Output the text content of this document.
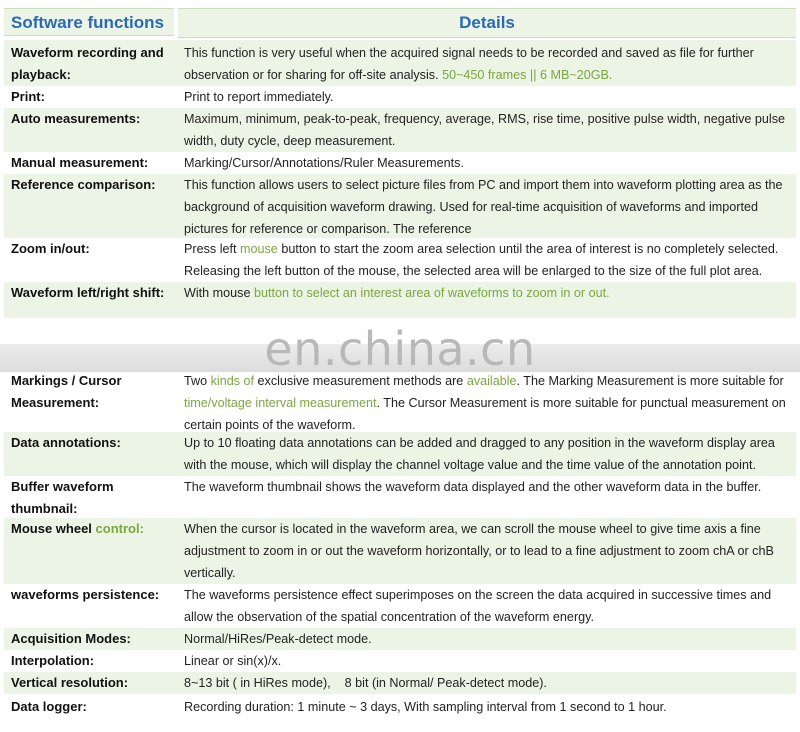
Software functions	Details
Waveform recording and playback:
This function is very useful when the acquired signal needs to be recorded and saved as file for further observation or for sharing for off-site analysis. 50~450 frames || 6 MB~20GB.
Print:	Print to report immediately.
Auto measurements:	Maximum, minimum, peak-to-peak, frequency, average, RMS, rise time, positive pulse width, negative pulse width, duty cycle, deep measurement.
Manual measurement:	Marking/Cursor/Annotations/Ruler Measurements.
Reference comparison:	This function allows users to select picture files from PC and import them into waveform plotting area as the background of acquisition waveform drawing. Used for real-time acquisition of waveforms and imported pictures for reference or comparison. The reference
Zoom in/out:	Press left mouse button to start the zoom area selection until the area of interest is no completely selected. Releasing the left button of the mouse, the selected area will be enlarged to the size of the full plot area.
Waveform left/right shift:	With mouse button to select an interest area of waveforms to zoom in or out.
en.china.cn
Markings / Cursor Measurement:
Two kinds of exclusive measurement methods are available. The Marking Measurement is more suitable for time/voltage interval measurement. The Cursor Measurement is more suitable for punctual measurement on certain points of the waveform.
Data annotations:	Up to 10 floating data annotations can be added and dragged to any position in the waveform display area with the mouse, which will display the channel voltage value and the time value of the annotation point.
Buffer waveform thumbnail:
The waveform thumbnail shows the waveform data displayed and the other waveform data in the buffer.
Mouse wheel control:	When the cursor is located in the waveform area, we can scroll the mouse wheel to give time axis a fine adjustment to zoom in or out the waveform horizontally, or to lead to a fine adjustment to zoom chA or chB vertically.
waveforms persistence:	The waveforms persistence effect superimposes on the screen the data acquired in successive times and allow the observation of the spatial concentration of the waveform energy.
Acquisition Modes:	Normal/HiRes/Peak-detect mode.
Interpolation:	Linear or sin(x)/x.
Vertical resolution:	8~13 bit ( in HiRes mode),    8 bit (in Normal/ Peak-detect mode).
Data logger:	Recording duration: 1 minute ~ 3 days, With sampling interval from 1 second to 1 hour.
